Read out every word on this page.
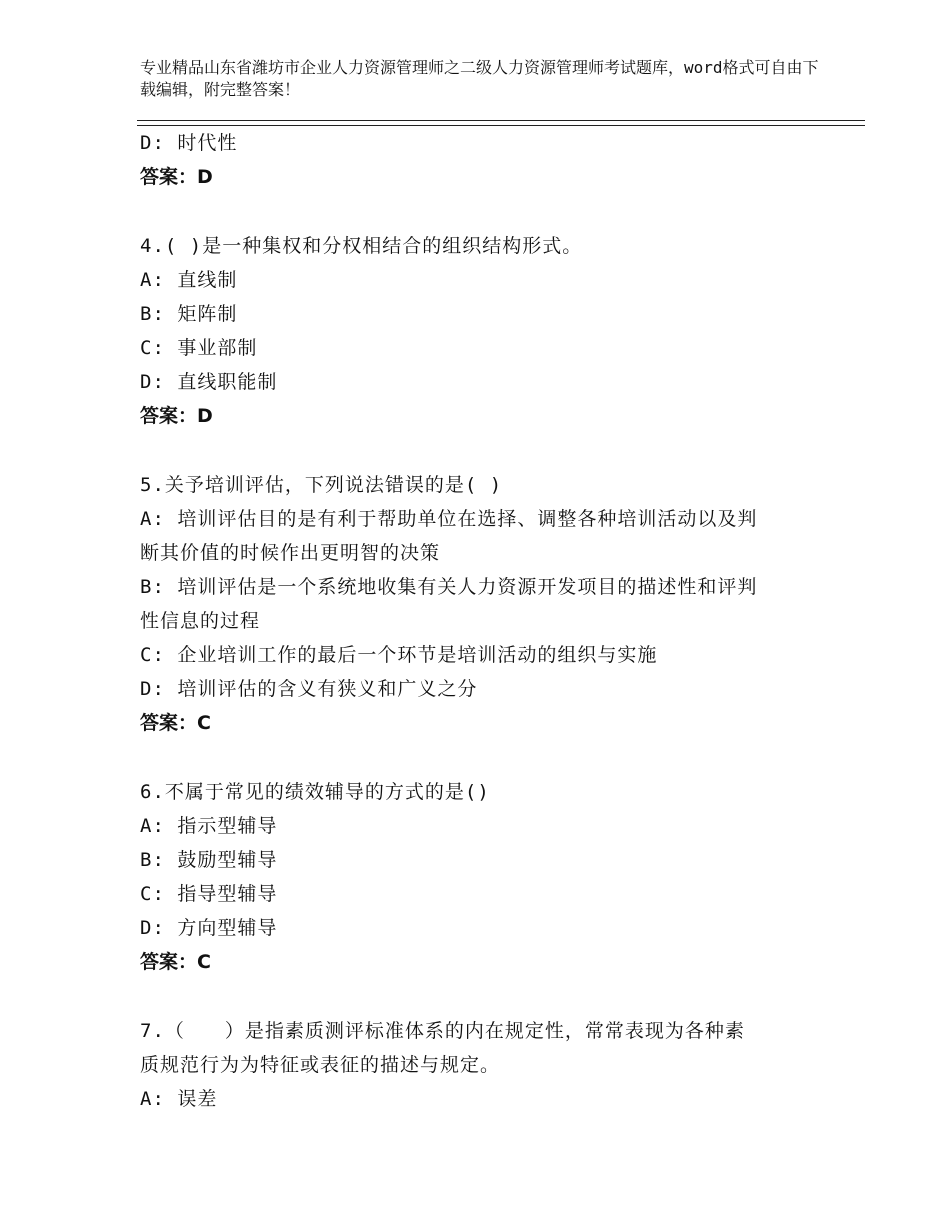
专业精品山东省潍坊市企业人力资源管理师之二级人力资源管理师考试题库，word格式可自由下载编辑，附完整答案！
D: 时代性
答案：D
4.( )是一种集权和分权相结合的组织结构形式。
A: 直线制
B: 矩阵制
C: 事业部制
D: 直线职能制
答案：D
5.关予培训评估，下列说法错误的是( )
A: 培训评估目的是有利于帮助单位在选择、调整各种培训活动以及判
断其价值的时候作出更明智的决策
B: 培训评估是一个系统地收集有关人力资源开发项目的描述性和评判
性信息的过程
C: 企业培训工作的最后一个环节是培训活动的组织与实施
D: 培训评估的含义有狭义和广义之分
答案：C
6.不属于常见的绩效辅导的方式的是()
A: 指示型辅导
B: 鼓励型辅导
C: 指导型辅导
D: 方向型辅导
答案：C
7.（　　）是指素质测评标准体系的内在规定性，常常表现为各种素
质规范行为为特征或表征的描述与规定。
A: 误差
